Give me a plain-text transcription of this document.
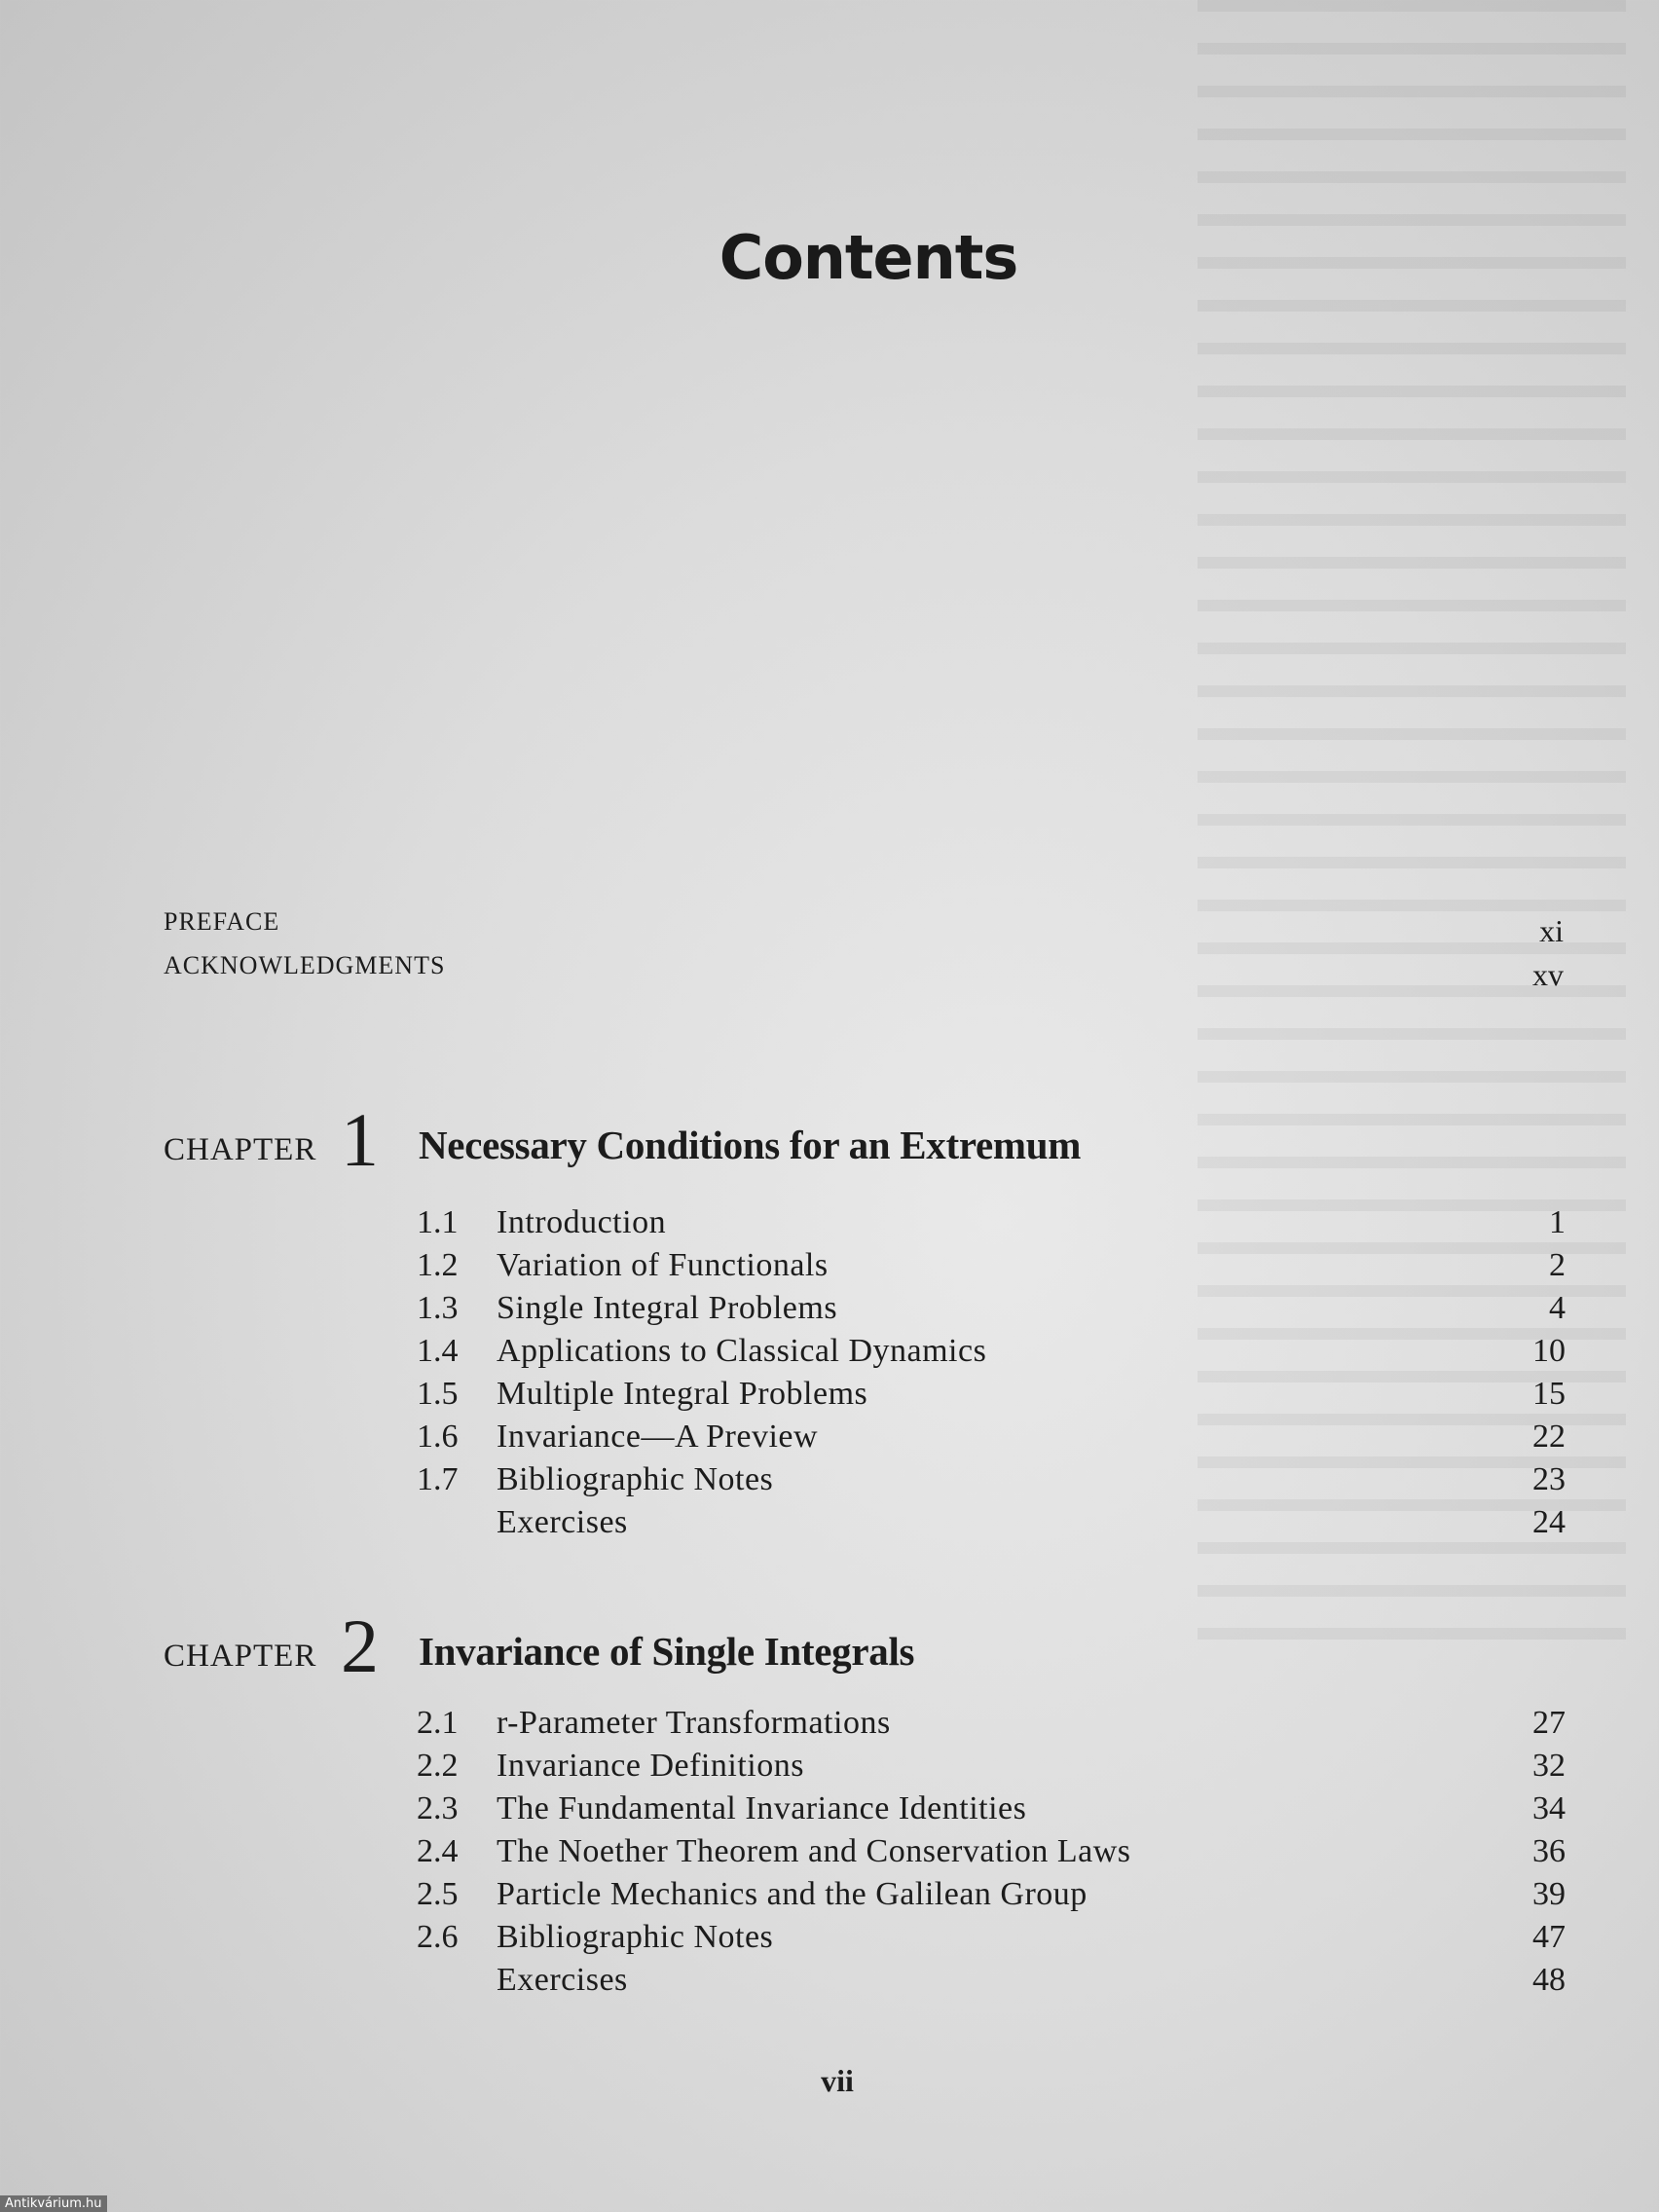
Contents
PREFACE	xi
ACKNOWLEDGMENTS	xv
CHAPTER 1 Necessary Conditions for an Extremum
1.1	Introduction	1
1.2	Variation of Functionals	2
1.3	Single Integral Problems	4
1.4	Applications to Classical Dynamics	10
1.5	Multiple Integral Problems	15
1.6	Invariance—A Preview	22
1.7	Bibliographic Notes	23
Exercises	24
CHAPTER 2 Invariance of Single Integrals
2.1	r-Parameter Transformations	27
2.2	Invariance Definitions	32
2.3	The Fundamental Invariance Identities	34
2.4	The Noether Theorem and Conservation Laws	36
2.5	Particle Mechanics and the Galilean Group	39
2.6	Bibliographic Notes	47
Exercises	48
vii
Antikvárium.hu
